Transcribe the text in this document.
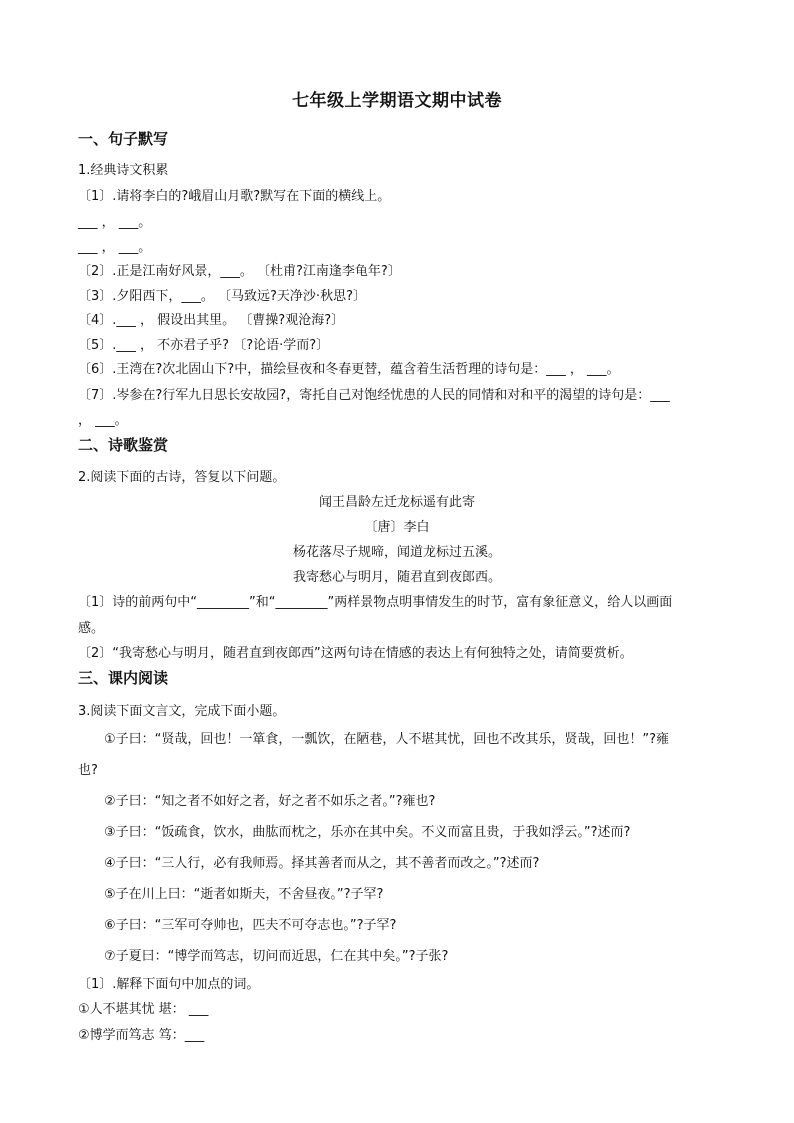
七年级上学期语文期中试卷
一、句子默写
1.经典诗文积累
〔1〕.请将李白的?峨眉山月歌?默写在下面的横线上。
___ ， ___。
___ ， ___。
〔2〕.正是江南好风景，___。 〔杜甫?江南逢李龟年?〕
〔3〕.夕阳西下，___。 〔马致远?天净沙·秋思?〕
〔4〕.___ ， 假设出其里。 〔曹操?观沧海?〕
〔5〕.___ ， 不亦君子乎? 〔?论语·学而?〕
〔6〕.王湾在?次北固山下?中，描绘昼夜和冬春更替，蕴含着生活哲理的诗句是：___ ， ___。
〔7〕.岑参在?行军九日思长安故园?，寄托自己对饱经忧患的人民的同情和对和平的渴望的诗句是：___
， ___。
二、诗歌鉴赏
2.阅读下面的古诗，答复以下问题。
闻王昌龄左迁龙标遥有此寄
〔唐〕李白
杨花落尽子规啼，闻道龙标过五溪。
我寄愁心与明月，随君直到夜郎西。
〔1〕诗的前两句中“________”和“________”两样景物点明事情发生的时节，富有象征意义，给人以画面
感。
〔2〕“我寄愁心与明月，随君直到夜郎西”这两句诗在情感的表达上有何独特之处，请简要赏析。
三、课内阅读
3.阅读下面文言文，完成下面小题。
①子曰：“贤哉，回也！一箪食，一瓢饮，在陋巷，人不堪其忧，回也不改其乐，贤哉，回也！”?雍
也?
②子曰：“知之者不如好之者，好之者不如乐之者。”?雍也?
③子曰：“饭疏食，饮水，曲肱而枕之，乐亦在其中矣。不义而富且贵，于我如浮云。”?述而?
④子曰：“三人行，必有我师焉。择其善者而从之，其不善者而改之。”?述而?
⑤子在川上曰：“逝者如斯夫，不舍昼夜。”?子罕?
⑥子曰：“三军可夺帅也，匹夫不可夺志也。”?子罕?
⑦子夏曰：“博学而笃志，切问而近思，仁在其中矣。”?子张?
〔1〕.解释下面句中加点的词。
①人不堪其忧 堪： ___
②博学而笃志 笃：___
